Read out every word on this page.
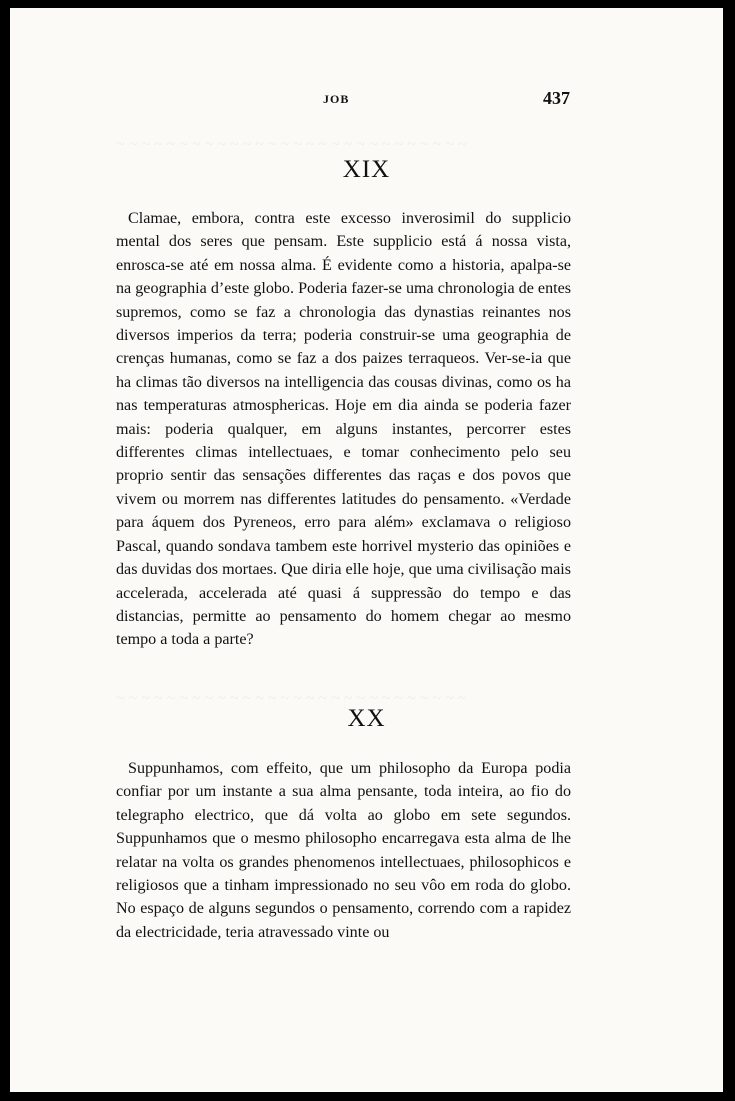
~ ~ ~ ~ ~ ~ ~ ~ ~ ~ ~ ~ ~ ~ ~ ~ ~ ~ ~ ~ ~ ~ ~ ~ ~ ~ ~ ~
~ ~ ~ ~ ~ ~ ~ ~ ~ ~ ~ ~ ~ ~ ~ ~ ~ ~ ~ ~ ~ ~ ~ ~ ~ ~ ~ ~
JOB	437
XIX

Clamae, embora, contra este excesso inverosimil do supplicio mental dos seres que pensam. Este supplicio está á nossa vista, enrosca-se até em nossa alma. É evidente como a historia, apalpa-se na geographia d’este globo. Poderia fazer-se uma chronologia de entes supremos, como se faz a chronologia das dynastias reinantes nos diversos imperios da terra; poderia construir-se uma geographia de crenças humanas, como se faz a dos paizes terraqueos. Ver-se-ia que ha climas tão diversos na intelligencia das cousas divinas, como os ha nas temperaturas atmosphericas. Hoje em dia ainda se poderia fazer mais: poderia qualquer, em alguns instantes, percorrer estes differentes climas intellectuaes, e tomar conhecimento pelo seu proprio sentir das sensações differentes das raças e dos povos que vivem ou morrem nas differentes latitudes do pensamento. «Verdade para áquem dos Pyreneos, erro para além» exclamava o religioso Pascal, quando sondava tambem este horrivel mysterio das opiniões e das duvidas dos mortaes. Que diria elle hoje, que uma civilisação mais accelerada, accelerada até quasi á suppressão do tempo e das distancias, permitte ao pensamento do homem chegar ao mesmo tempo a toda a parte?

XX

Suppunhamos, com effeito, que um philosopho da Europa podia confiar por um instante a sua alma pensante, toda inteira, ao fio do telegrapho electrico, que dá volta ao globo em sete segundos. Suppunhamos que o mesmo philosopho encarregava esta alma de lhe relatar na volta os grandes phenomenos intellectuaes, philosophicos e religiosos que a tinham impressionado no seu vôo em roda do globo. No espaço de alguns segundos o pensamento, correndo com a rapidez da electricidade, teria atravessado vinte ou
